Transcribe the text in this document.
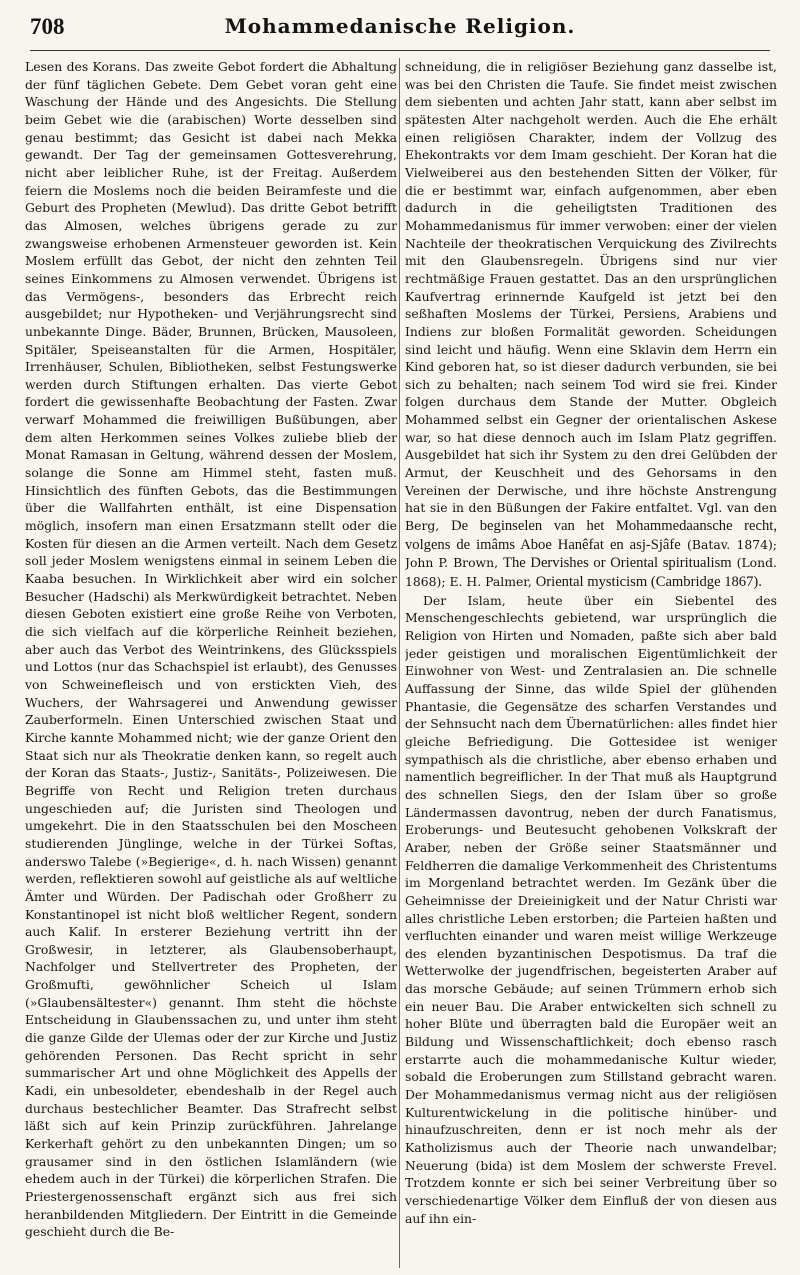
708	Mohammedanische Religion.

Lesen des Korans. Das zweite Gebot fordert die Abhaltung der fünf täglichen Gebete. Dem Gebet voran geht eine Waschung der Hände und des Angesichts. Die Stellung beim Gebet wie die (arabischen) Worte desselben sind genau bestimmt; das Gesicht ist dabei nach Mekka gewandt. Der Tag der gemeinsamen Gottesverehrung, nicht aber leiblicher Ruhe, ist der Freitag. Außerdem feiern die Moslems noch die beiden Beiramfeste und die Geburt des Propheten (Mewlud). Das dritte Gebot betrifft das Almosen, welches übrigens gerade zu zur zwangsweise erhobenen Armensteuer geworden ist. Kein Moslem erfüllt das Gebot, der nicht den zehnten Teil seines Einkommens zu Almosen verwendet. Übrigens ist das Vermögens-, besonders das Erbrecht reich ausgebildet; nur Hypotheken- und Verjährungsrecht sind unbekannte Dinge. Bäder, Brunnen, Brücken, Mausoleen, Spitäler, Speiseanstalten für die Armen, Hospitäler, Irrenhäuser, Schulen, Bibliotheken, selbst Festungswerke werden durch Stiftungen erhalten. Das vierte Gebot fordert die gewissenhafte Beobachtung der Fasten. Zwar verwarf Mohammed die freiwilligen Bußübungen, aber dem alten Herkommen seines Volkes zuliebe blieb der Monat Ramasan in Geltung, während dessen der Moslem, solange die Sonne am Himmel steht, fasten muß. Hinsichtlich des fünften Gebots, das die Bestimmungen über die Wallfahrten enthält, ist eine Dispensation möglich, insofern man einen Ersatzmann stellt oder die Kosten für diesen an die Armen verteilt. Nach dem Gesetz soll jeder Moslem wenigstens einmal in seinem Leben die Kaaba besuchen. In Wirklichkeit aber wird ein solcher Besucher (Hadschi) als Merkwürdigkeit betrachtet. Neben diesen Geboten existiert eine große Reihe von Verboten, die sich vielfach auf die körperliche Reinheit beziehen, aber auch das Verbot des Weintrinkens, des Glücksspiels und Lottos (nur das Schachspiel ist erlaubt), des Genusses von Schweinefleisch und von erstickten Vieh, des Wuchers, der Wahrsagerei und Anwendung gewisser Zauberformeln. Einen Unterschied zwischen Staat und Kirche kannte Mohammed nicht; wie der ganze Orient den Staat sich nur als Theokratie denken kann, so regelt auch der Koran das Staats-, Justiz-, Sanitäts-, Polizeiwesen. Die Begriffe von Recht und Religion treten durchaus ungeschieden auf; die Juristen sind Theologen und umgekehrt. Die in den Staatsschulen bei den Moscheen studierenden Jünglinge, welche in der Türkei Softas, anderswo Talebe (»Begierige«, d. h. nach Wissen) genannt werden, reflektieren sowohl auf geistliche als auf weltliche Ämter und Würden. Der Padischah oder Großherr zu Konstantinopel ist nicht bloß weltlicher Regent, sondern auch Kalif. In ersterer Beziehung vertritt ihn der Großwesir, in letzterer, als Glaubensoberhaupt, Nachfolger und Stellvertreter des Propheten, der Großmufti, gewöhnlicher Scheich ul Islam (»Glaubensältester«) genannt. Ihm steht die höchste Entscheidung in Glaubenssachen zu, und unter ihm steht die ganze Gilde der Ulemas oder der zur Kirche und Justiz gehörenden Personen. Das Recht spricht in sehr summarischer Art und ohne Möglichkeit des Appells der Kadi, ein unbesoldeter, ebendeshalb in der Regel auch durchaus bestechlicher Beamter. Das Strafrecht selbst läßt sich auf kein Prinzip zurückführen. Jahrelange Kerkerhaft gehört zu den unbekannten Dingen; um so grausamer sind in den östlichen Islamländern (wie ehedem auch in der Türkei) die körperlichen Strafen. Die Priestergenossenschaft ergänzt sich aus frei sich heranbildenden Mitgliedern. Der Eintritt in die Gemeinde geschieht durch die Be-

schneidung, die in religiöser Beziehung ganz dasselbe ist, was bei den Christen die Taufe. Sie findet meist zwischen dem siebenten und achten Jahr statt, kann aber selbst im spätesten Alter nachgeholt werden. Auch die Ehe erhält einen religiösen Charakter, indem der Vollzug des Ehekontrakts vor dem Imam geschieht. Der Koran hat die Vielweiberei aus den bestehenden Sitten der Völker, für die er bestimmt war, einfach aufgenommen, aber eben dadurch in die geheiligtsten Traditionen des Mohammedanismus für immer verwoben: einer der vielen Nachteile der theokratischen Verquickung des Zivilrechts mit den Glaubensregeln. Übrigens sind nur vier rechtmäßige Frauen gestattet. Das an den ursprünglichen Kaufvertrag erinnernde Kaufgeld ist jetzt bei den seßhaften Moslems der Türkei, Persiens, Arabiens und Indiens zur bloßen Formalität geworden. Scheidungen sind leicht und häufig. Wenn eine Sklavin dem Herrn ein Kind geboren hat, so ist dieser dadurch verbunden, sie bei sich zu behalten; nach seinem Tod wird sie frei. Kinder folgen durchaus dem Stande der Mutter. Obgleich Mohammed selbst ein Gegner der orientalischen Askese war, so hat diese dennoch auch im Islam Platz gegriffen. Ausgebildet hat sich ihr System zu den drei Gelübden der Armut, der Keuschheit und des Gehorsams in den Vereinen der Derwische, und ihre höchste Anstrengung hat sie in den Büßungen der Fakire entfaltet. Vgl. van den Berg, De beginselen van het Mohammedaansche recht, volgens de imâms Aboe Hanêfat en asj-Sjâfe (Batav. 1874); John P. Brown, The Dervishes or Oriental spiritualism (Lond. 1868); E. H. Palmer, Oriental mysticism (Cambridge 1867).

Der Islam, heute über ein Siebentel des Menschengeschlechts gebietend, war ursprünglich die Religion von Hirten und Nomaden, paßte sich aber bald jeder geistigen und moralischen Eigentümlichkeit der Einwohner von West- und Zentralasien an. Die schnelle Auffassung der Sinne, das wilde Spiel der glühenden Phantasie, die Gegensätze des scharfen Verstandes und der Sehnsucht nach dem Übernatürlichen: alles findet hier gleiche Befriedigung. Die Gottesidee ist weniger sympathisch als die christliche, aber ebenso erhaben und namentlich begreiflicher. In der That muß als Hauptgrund des schnellen Siegs, den der Islam über so große Ländermassen davontrug, neben der durch Fanatismus, Eroberungs- und Beutesucht gehobenen Volkskraft der Araber, neben der Größe seiner Staatsmänner und Feldherren die damalige Verkommenheit des Christentums im Morgenland betrachtet werden. Im Gezänk über die Geheimnisse der Dreieinigkeit und der Natur Christi war alles christliche Leben erstorben; die Parteien haßten und verfluchten einander und waren meist willige Werkzeuge des elenden byzantinischen Despotismus. Da traf die Wetterwolke der jugendfrischen, begeisterten Araber auf das morsche Gebäude; auf seinen Trümmern erhob sich ein neuer Bau. Die Araber entwickelten sich schnell zu hoher Blüte und überragten bald die Europäer weit an Bildung und Wissenschaftlichkeit; doch ebenso rasch erstarrte auch die mohammedanische Kultur wieder, sobald die Eroberungen zum Stillstand gebracht waren. Der Mohammedanismus vermag nicht aus der religiösen Kulturentwickelung in die politische hinüber- und hinaufzuschreiten, denn er ist noch mehr als der Katholizismus auch der Theorie nach unwandelbar; Neuerung (bida) ist dem Moslem der schwerste Frevel. Trotzdem konnte er sich bei seiner Verbreitung über so verschiedenartige Völker dem Einfluß der von diesen aus auf ihn ein-
